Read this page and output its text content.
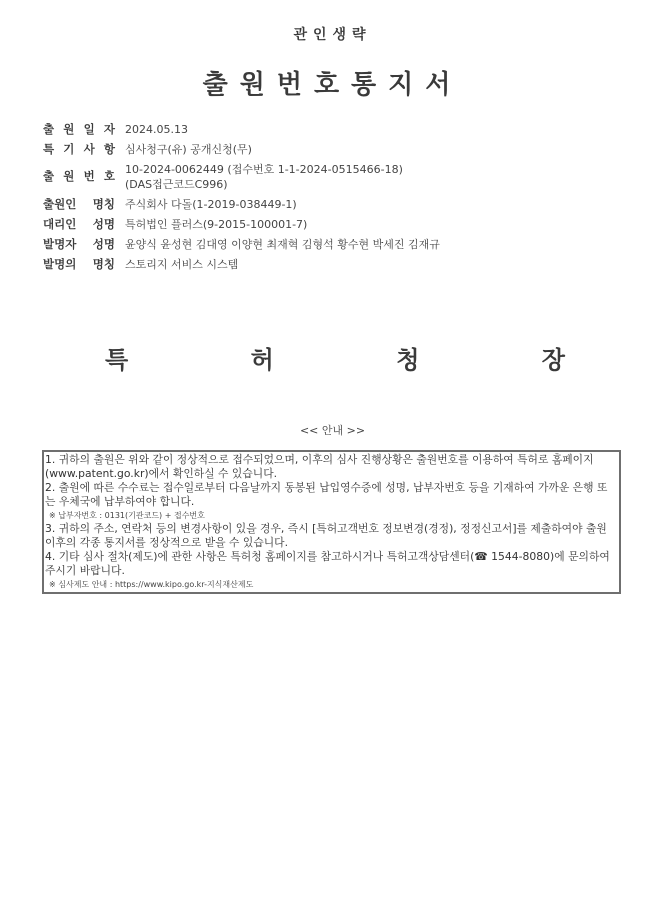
관인생략
출원번호통지서
출 원 일 자 2024.05.13
특 기 사 항 심사청구(유) 공개신청(무)
출 원 번 호 10-2024-0062449 (접수번호 1-1-2024-0515466-18)
(DAS접근코드C996)
출원인 명칭 주식회사 다돌(1-2019-038449-1)
대리인 성명 특허법인 플러스(9-2015-100001-7)
발명자 성명 윤양식 윤성현 김대영 이양현 최재혁 김형석 황수현 박세진 김재규
발명의 명칭 스토리지 서비스 시스템
특	허	청	장
<< 안내 >>
1. 귀하의 출원은 위와 같이 정상적으로 접수되었으며, 이후의 심사 진행상황은 출원번호를 이용하여 특허로 홈페이지(www.patent.go.kr)에서 확인하실 수 있습니다.
2. 출원에 따른 수수료는 접수일로부터 다음날까지 동봉된 납입영수증에 성명, 납부자번호 등을 기재하여 가까운 은행 또는 우체국에 납부하여야 합니다.
※ 납부자번호 : 0131(기관코드) + 접수번호
3. 귀하의 주소, 연락처 등의 변경사항이 있을 경우, 즉시 [특허고객번호 정보변경(경정), 정정신고서]를 제출하여야 출원 이후의 각종 통지서를 정상적으로 받을 수 있습니다.
4. 기타 심사 절차(제도)에 관한 사항은 특허청 홈페이지를 참고하시거나 특허고객상담센터(☎ 1544-8080)에 문의하여 주시기 바랍니다.
※ 심사제도 안내 : https://www.kipo.go.kr-지식재산제도
